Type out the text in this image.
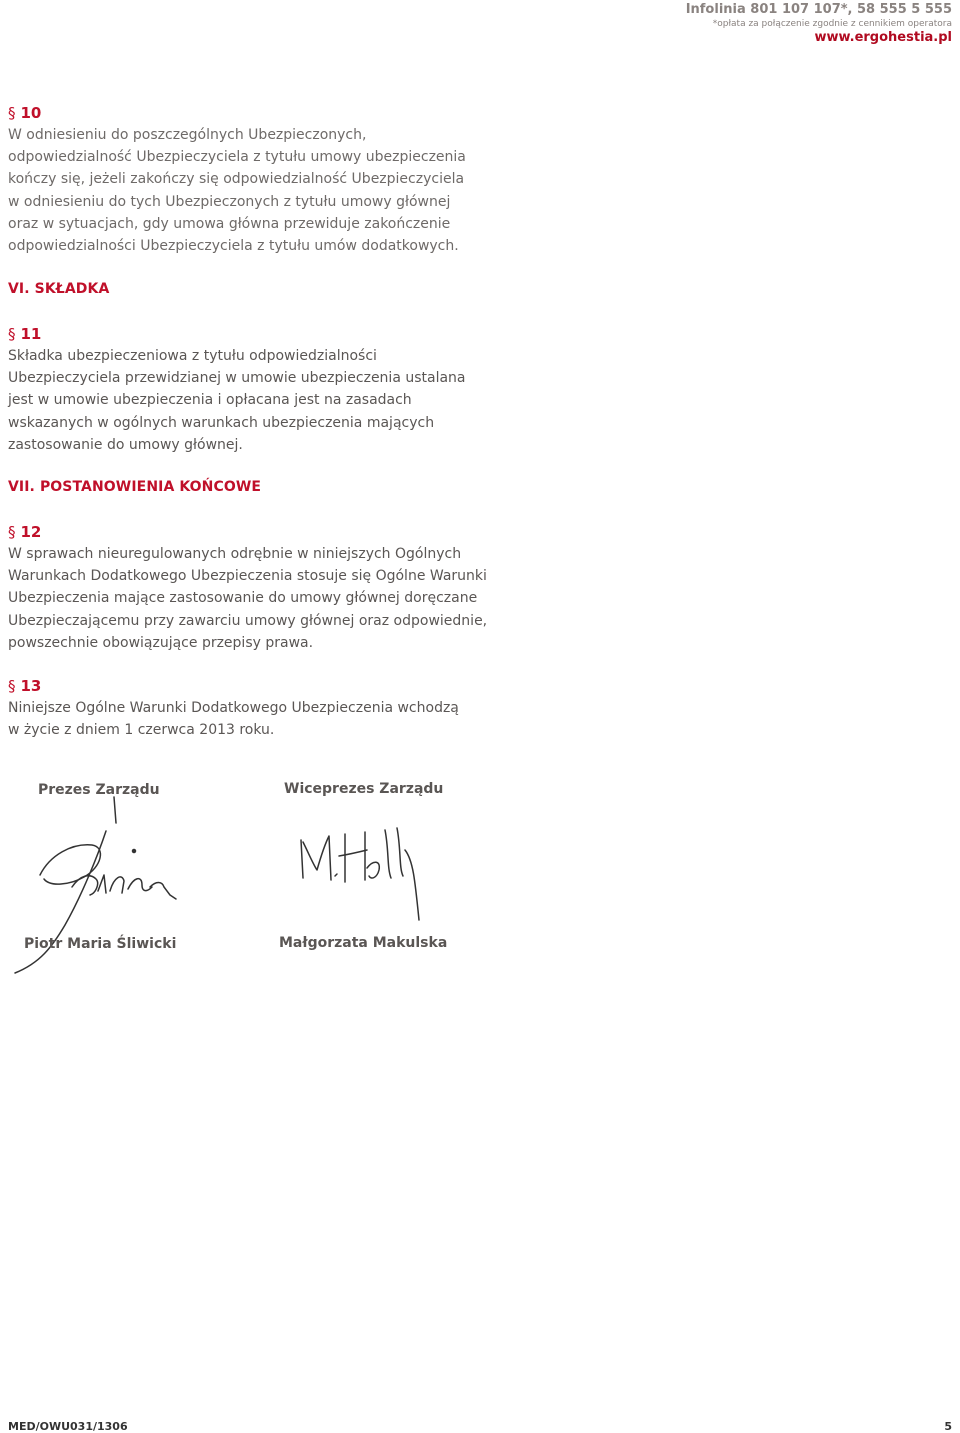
Infolinia 801 107 107*, 58 555 5 555
*opłata za połączenie zgodnie z cennikiem operatora
www.ergohestia.pl
§ 10
W odniesieniu do poszczególnych Ubezpieczonych,
odpowiedzialność Ubezpieczyciela z tytułu umowy ubezpieczenia
kończy się, jeżeli zakończy się odpowiedzialność Ubezpieczyciela
w odniesieniu do tych Ubezpieczonych z tytułu umowy głównej
oraz w sytuacjach, gdy umowa główna przewiduje zakończenie
odpowiedzialności Ubezpieczyciela z tytułu umów dodatkowych.
VI. SKŁADKA
§ 11
Składka ubezpieczeniowa z tytułu odpowiedzialności
Ubezpieczyciela przewidzianej w umowie ubezpieczenia ustalana
jest w umowie ubezpieczenia i opłacana jest na zasadach
wskazanych w ogólnych warunkach ubezpieczenia mających
zastosowanie do umowy głównej.
VII. POSTANOWIENIA KOŃCOWE
§ 12
W sprawach nieuregulowanych odrębnie w niniejszych Ogólnych
Warunkach Dodatkowego Ubezpieczenia stosuje się Ogólne Warunki
Ubezpieczenia mające zastosowanie do umowy głównej doręczane
Ubezpieczającemu przy zawarciu umowy głównej oraz odpowiednie,
powszechnie obowiązujące przepisy prawa.
§ 13
Niniejsze Ogólne Warunki Dodatkowego Ubezpieczenia wchodzą
w życie z dniem 1 czerwca 2013 roku.
Prezes Zarządu	Wiceprezes Zarządu
Piotr Maria Śliwicki	Małgorzata Makulska
MED/OWU031/1306	5
